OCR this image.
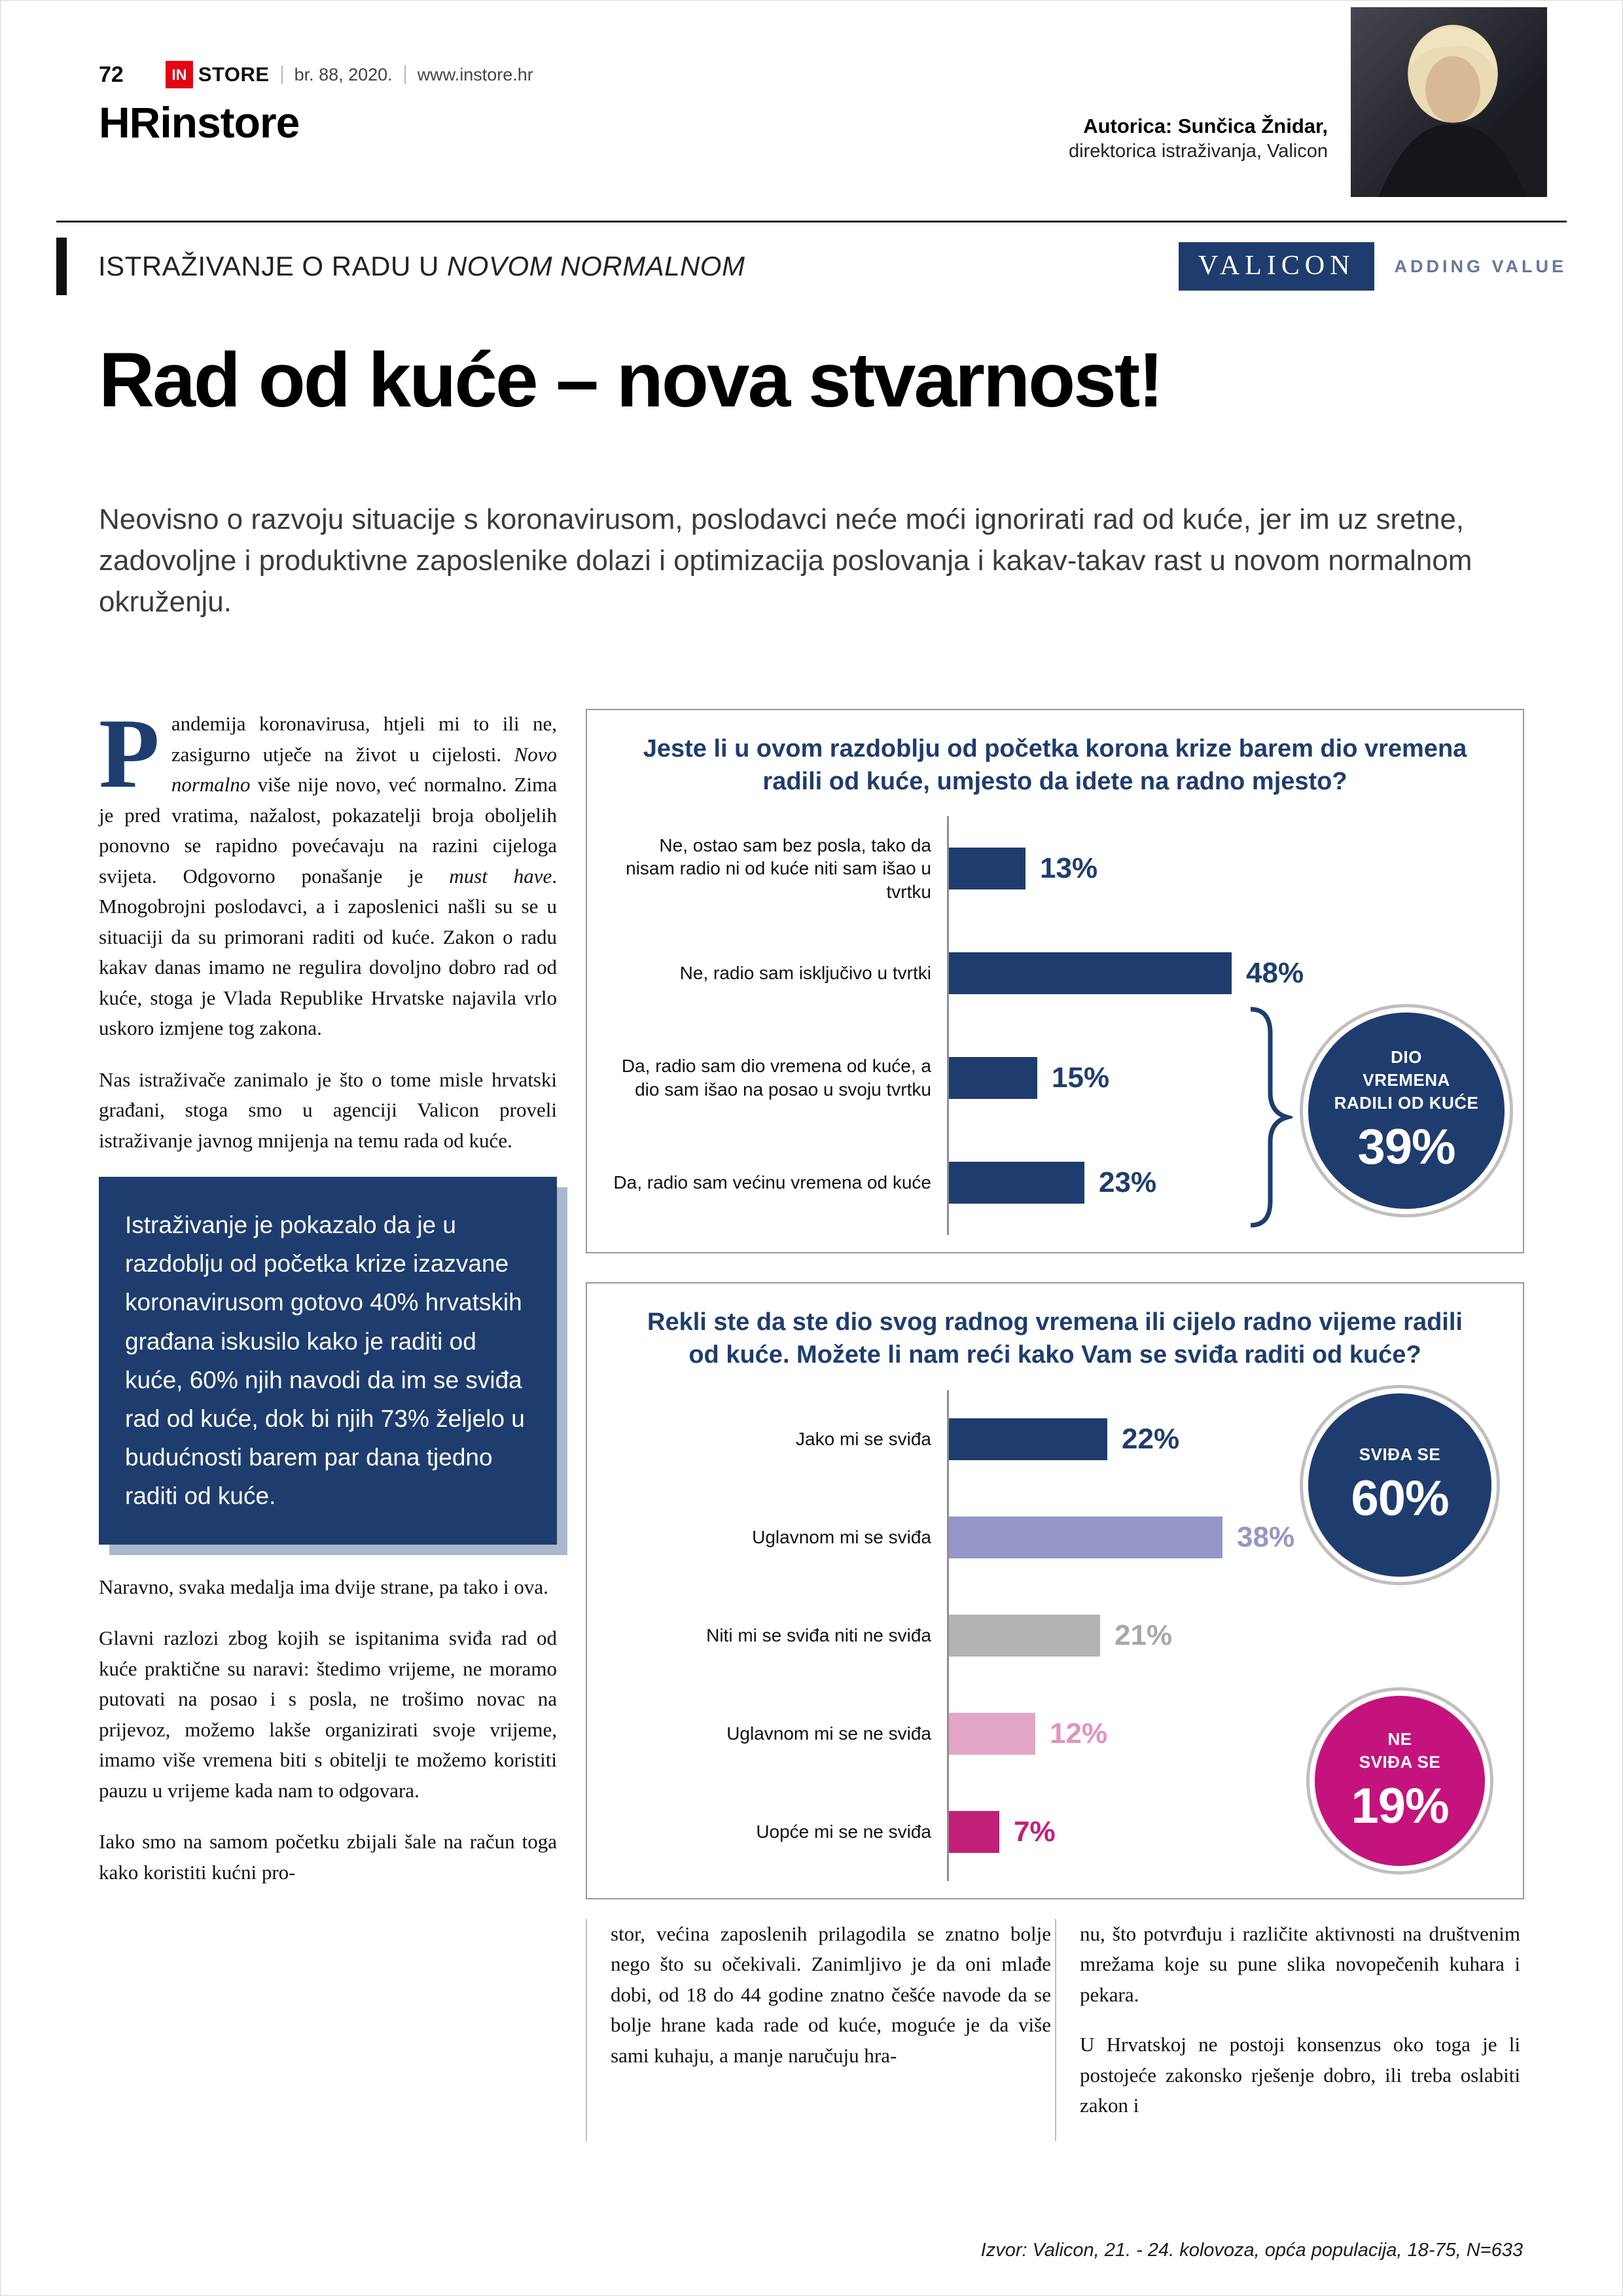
72	IN STORE br. 88, 2020. www.instore.hr
HRinstore	Autorica: Sunčica Žnidar,
direktorica istraživanja, Valicon
ISTRAŽIVANJE O RADU U NOVOM NORMALNOM	VALICON	ADDING VALUE
Rad od kuće – nova stvarnost!
Neovisno o razvoju situacije s koronavirusom, poslodavci neće moći ignorirati rad od kuće, jer im uz sretne, zadovoljne i produktivne zaposlenike dolazi i optimizacija poslovanja i kakav-takav rast u novom normalnom okruženju.

Pandemija koronavirusa, htjeli mi to ili ne, zasigurno utječe na život u cijelosti. Novo normalno više nije novo, već normalno. Zima je pred vratima, nažalost, pokazatelji broja oboljelih ponovno se rapidno povećavaju na razini cijeloga svijeta. Odgovorno ponašanje je must have. Mnogobrojni poslodavci, a i zaposlenici našli su se u situaciji da su primorani raditi od kuće. Zakon o radu kakav danas imamo ne regulira dovoljno dobro rad od kuće, stoga je Vlada Republike Hrvatske najavila vrlo uskoro izmjene tog zakona.

Nas istraživače zanimalo je što o tome misle hrvatski građani, stoga smo u agenciji Valicon proveli istraživanje javnog mnijenja na temu rada od kuće.

Istraživanje je pokazalo da je u razdoblju od početka krize izazvane koronavirusom gotovo 40% hrvatskih građana iskusilo kako je raditi od kuće, 60% njih navodi da im se sviđa rad od kuće, dok bi njih 73% željelo u budućnosti barem par dana tjedno raditi od kuće.

Naravno, svaka medalja ima dvije strane, pa tako i ova.

Glavni razlozi zbog kojih se ispitanima sviđa rad od kuće praktične su naravi: štedimo vrijeme, ne moramo putovati na posao i s posla, ne trošimo novac na prijevoz, možemo lakše organizirati svoje vrijeme, imamo više vremena biti s obitelji te možemo koristiti pauzu u vrijeme kada nam to odgovara.

Iako smo na samom početku zbijali šale na račun toga kako koristiti kućni pro-

Jeste li u ovom razdoblju od početka korona krize barem dio vremena radili od kuće, umjesto da idete na radno mjesto?
Ne, ostao sam bez posla, tako da nisam radio ni od kuće niti sam išao u tvrtku
13%
Ne, radio sam isključivo u tvrtki	48%
Da, radio sam dio vremena od kuće, a dio sam išao na posao u svoju tvrtku	15%
Da, radio sam većinu vremena od kuće	23%
DIO
VREMENA
RADILI OD KUĆE
39%
Rekli ste da ste dio svog radnog vremena ili cijelo radno vijeme radili od kuće. Možete li nam reći kako Vam se sviđa raditi od kuće?
Jako mi se sviđa	22%
Uglavnom mi se sviđa	38%
Niti mi se sviđa niti ne sviđa	21%
Uglavnom mi se ne sviđa	12%
Uopće mi se ne sviđa	7%
SVIĐA SE
60%
NE
SVIĐA SE
19%

stor, većina zaposlenih prilagodila se znatno bolje nego što su očekivali. Zanimljivo je da oni mlađe dobi, od 18 do 44 godine znatno češće navode da se bolje hrane kada rade od kuće, moguće je da više sami kuhaju, a manje naručuju hra-

nu, što potvrđuju i različite aktivnosti na društvenim mrežama koje su pune slika novopečenih kuhara i pekara.

U Hrvatskoj ne postoji konsenzus oko toga je li postojeće zakonsko rješenje dobro, ili treba oslabiti zakon i

Izvor: Valicon, 21. - 24. kolovoza, opća populacija, 18-75, N=633
